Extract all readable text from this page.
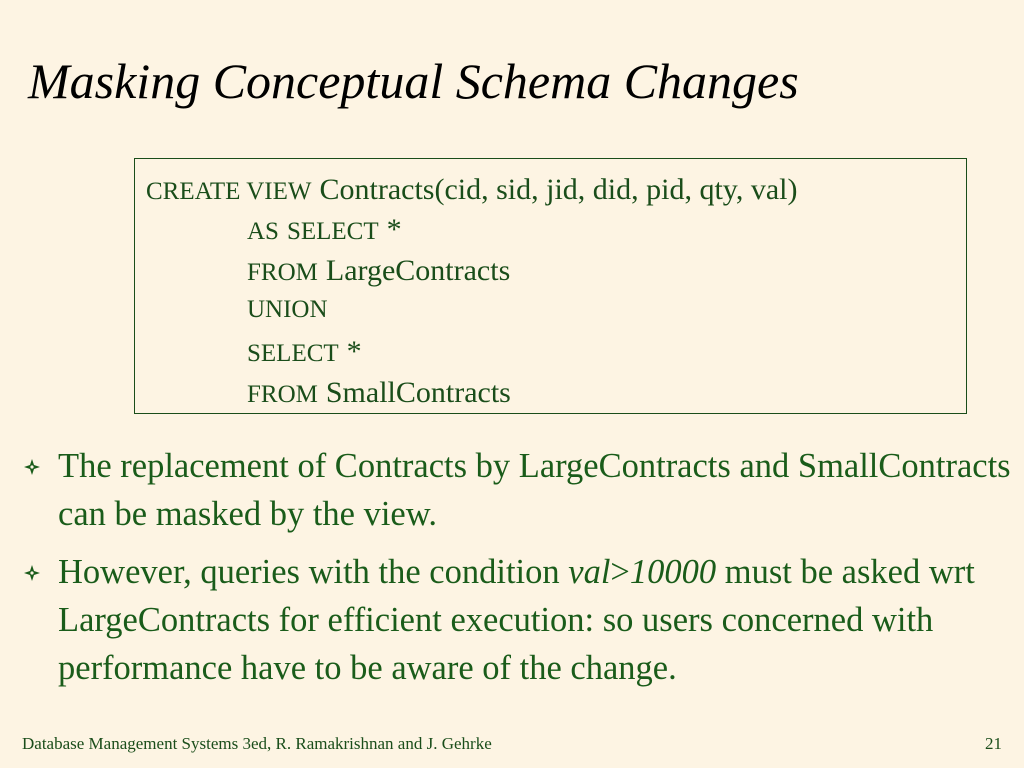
Masking Conceptual Schema Changes
CREATE VIEW Contracts(cid, sid, jid, did, pid, qty, val)
AS SELECT *
FROM LargeContracts
UNION
SELECT *
FROM SmallContracts
The replacement of Contracts by LargeContracts and SmallContracts can be masked by the view.
However, queries with the condition val>10000 must be asked wrt LargeContracts for efficient execution: so users concerned with performance have to be aware of the change.
Database Management Systems 3ed, R. Ramakrishnan and J. Gehrke	21
